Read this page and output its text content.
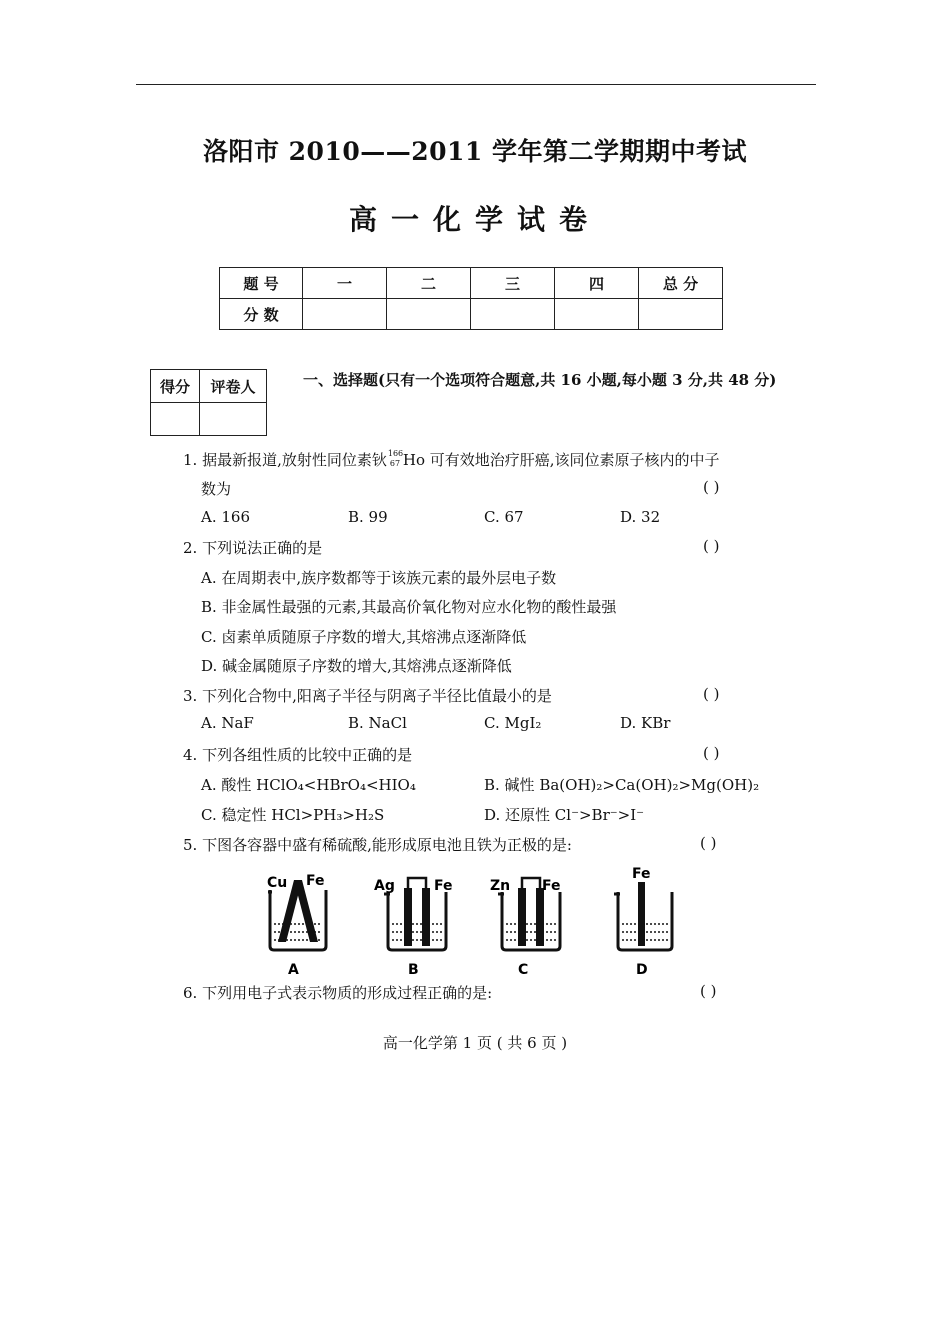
洛阳市 2010——2011 学年第二学期期中考试
高一化学试卷
题 号	一	二	三	四	总 分
分 数					
得分	评卷人
		一、选择题(只有一个选项符合题意,共 16 小题,每小题 3 分,共 48 分)
1. 据最新报道,放射性同位素钬 166
67 Ho 可有效地治疗肝癌,该同位素原子核内的中子
数为	( )
A. 166	B. 99	C. 67	D. 32
2. 下列说法正确的是	( )
A. 在周期表中,族序数都等于该族元素的最外层电子数
B. 非金属性最强的元素,其最高价氧化物对应水化物的酸性最强
C. 卤素单质随原子序数的增大,其熔沸点逐渐降低
D. 碱金属随原子序数的增大,其熔沸点逐渐降低
3. 下列化合物中,阳离子半径与阴离子半径比值最小的是	( )
A. NaF	B. NaCl	C. MgI₂	D. KBr
4. 下列各组性质的比较中正确的是	( )
A. 酸性 HClO₄<HBrO₄<HIO₄	B. 碱性 Ba(OH)₂>Ca(OH)₂>Mg(OH)₂
C. 稳定性 HCl>PH₃>H₂S	D. 还原性 Cl⁻>Br⁻>I⁻
5. 下图各容器中盛有稀硫酸,能形成原电池且铁为正极的是:	( )
Cu Fe
A
Ag	Fe
B
Zn Fe
C
Fe
D
6. 下列用电子式表示物质的形成过程正确的是:	( )
高一化学第 1 页 ( 共 6 页 )
